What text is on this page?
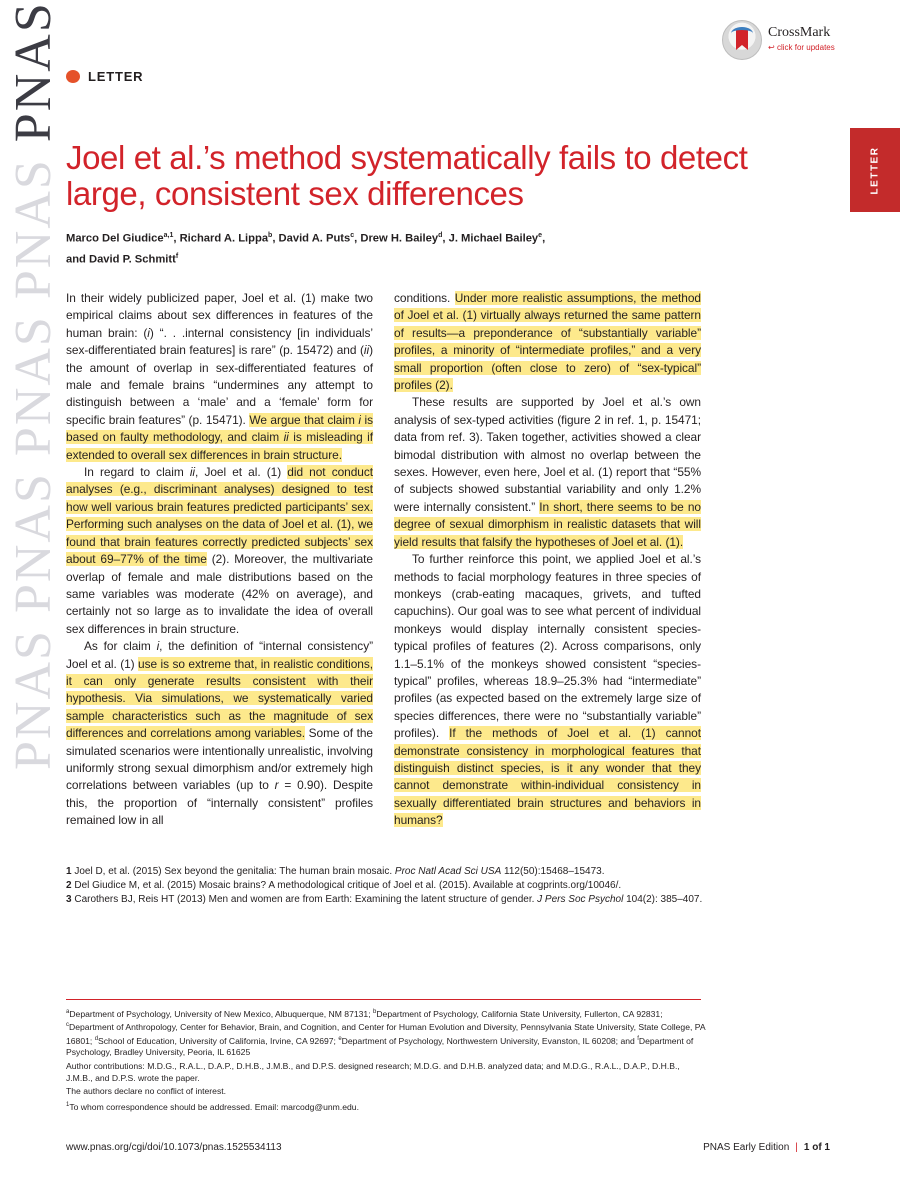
PNASPNASPNASPNASPNAS
LETTER
CrossMark
↩ click for updates
LETTER
Joel et al.’s method systematically fails to detect large, consistent sex differences
Marco Del Giudice$^{a,1}$, Richard A. Lippa$^b$, David A. Puts$^c$, Drew H. Bailey$^d$, J. Michael Bailey$^e$,
and David P. Schmitt$^f$

In their widely publicized paper, Joel et al. (1) make two empirical claims about sex differences in features of the human brain: (i) “. . .internal consistency [in individuals’ sex-differentiated brain features] is rare” (p. 15472) and (ii) the amount of overlap in sex-differentiated features of male and female brains “undermines any attempt to distinguish between a ‘male’ and a ‘female’ form for specific brain features” (p. 15471). We argue that claim i is based on faulty methodology, and claim ii is misleading if extended to overall sex differences in brain structure.

In regard to claim ii, Joel et al. (1) did not conduct analyses (e.g., discriminant analyses) designed to test how well various brain features predicted participants’ sex. Performing such analyses on the data of Joel et al. (1), we found that brain features correctly predicted subjects’ sex about 69–77% of the time (2). Moreover, the multivariate overlap of female and male distributions based on the same variables was moderate (42% on average), and certainly not so large as to invalidate the idea of overall sex differences in brain structure.

As for claim i, the definition of “internal consistency” Joel et al. (1) use is so extreme that, in realistic conditions, it can only generate results consistent with their hypothesis. Via simulations, we systematically varied sample characteristics such as the magnitude of sex differences and correlations among variables. Some of the simulated scenarios were intentionally unrealistic, involving uniformly strong sexual dimorphism and/or extremely high correlations between variables (up to r = 0.90). Despite this, the proportion of “internally consistent” profiles remained low in all

conditions. Under more realistic assumptions, the method of Joel et al. (1) virtually always returned the same pattern of results—a preponderance of “substantially variable” profiles, a minority of “intermediate profiles,” and a very small proportion (often close to zero) of “sex-typical” profiles (2).

These results are supported by Joel et al.’s own analysis of sex-typed activities (figure 2 in ref. 1, p. 15471; data from ref. 3). Taken together, activities showed a clear bimodal distribution with almost no overlap between the sexes. However, even here, Joel et al. (1) report that “55% of subjects showed substantial variability and only 1.2% were internally consistent.” In short, there seems to be no degree of sexual dimorphism in realistic datasets that will yield results that falsify the hypotheses of Joel et al. (1).

To further reinforce this point, we applied Joel et al.’s methods to facial morphology features in three species of monkeys (crab-eating macaques, grivets, and tufted capuchins). Our goal was to see what percent of individual monkeys would display internally consistent species-typical profiles of features (2). Across comparisons, only 1.1–5.1% of the monkeys showed consistent “species-typical” profiles, whereas 18.9–25.3% had “intermediate” profiles (as expected based on the extremely large size of species differences, there were no “substantially variable” profiles). If the methods of Joel et al. (1) cannot demonstrate consistency in morphological features that distinguish distinct species, is it any wonder that they cannot demonstrate within-individual consistency in sexually differentiated brain structures and behaviors in humans?

1 Joel D, et al. (2015) Sex beyond the genitalia: The human brain mosaic. Proc Natl Acad Sci USA 112(50):15468–15473.
2 Del Giudice M, et al. (2015) Mosaic brains? A methodological critique of Joel et al. (2015). Available at cogprints.org/10046/.
3 Carothers BJ, Reis HT (2013) Men and women are from Earth: Examining the latent structure of gender. J Pers Soc Psychol 104(2): 385–407.

$^a$Department of Psychology, University of New Mexico, Albuquerque, NM 87131; $^b$Department of Psychology, California State University, Fullerton, CA 92831; $^c$Department of Anthropology, Center for Behavior, Brain, and Cognition, and Center for Human Evolution and Diversity, Pennsylvania State University, State College, PA 16801; $^d$School of Education, University of California, Irvine, CA 92697; $^e$Department of Psychology, Northwestern University, Evanston, IL 60208; and $^f$Department of Psychology, Bradley University, Peoria, IL 61625

Author contributions: M.D.G., R.A.L., D.A.P., D.H.B., J.M.B., and D.P.S. designed research; M.D.G. and D.H.B. analyzed data; and M.D.G., R.A.L., D.A.P., D.H.B., J.M.B., and D.P.S. wrote the paper.

The authors declare no conflict of interest.

$^1$To whom correspondence should be addressed. Email: marcodg@unm.edu.

www.pnas.org/cgi/doi/10.1073/pnas.1525534113	PNAS Early Edition | 1 of 1
